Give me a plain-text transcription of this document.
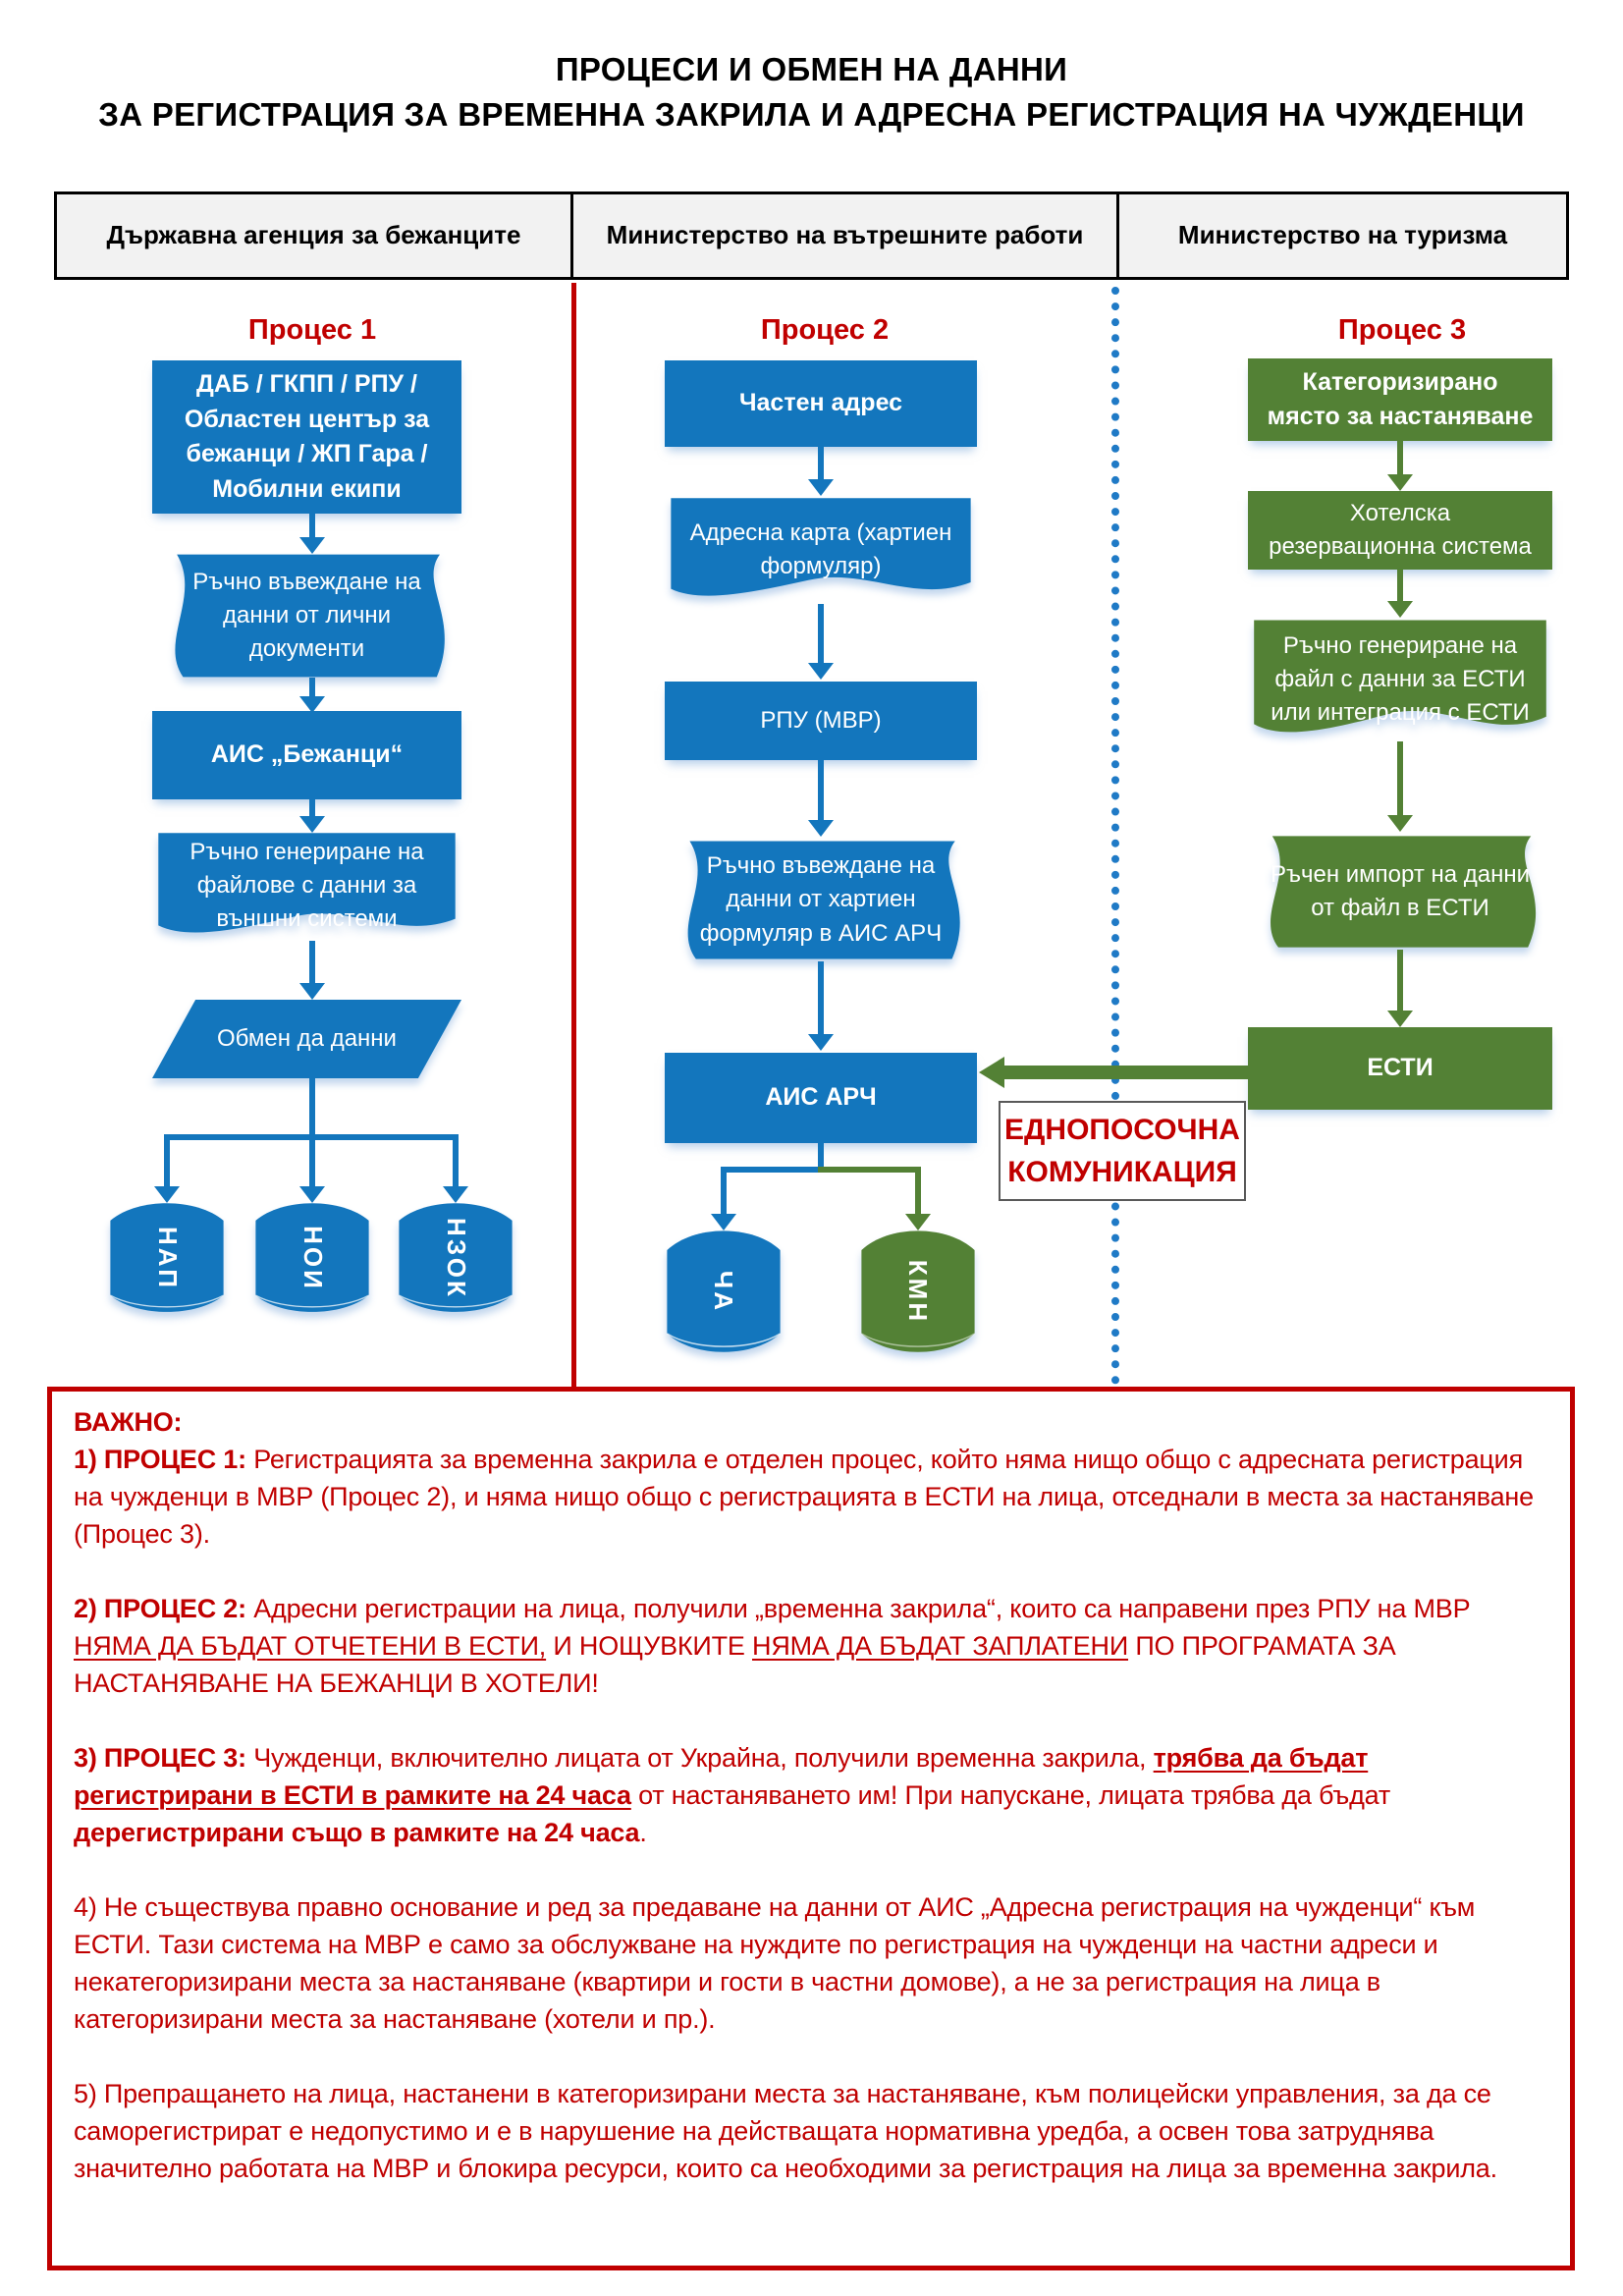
ПРОЦЕСИ И ОБМЕН НА ДАННИ
ЗА РЕГИСТРАЦИЯ ЗА ВРЕМЕННА ЗАКРИЛА И АДРЕСНА РЕГИСТРАЦИЯ НА ЧУЖДЕНЦИ
Държавна агенция за бежанците	Министерство на вътрешните работи	Министерство на туризма
Процес 1	Процес 2	Процес 3
ДАБ / ГКПП / РПУ / Областен център за бежанци / ЖП Гара / Мобилни екипи
Ръчно въвеждане на данни от лични документи
АИС „Бежанци“
Ръчно генериране на файлове с данни за външни системи
Обмен да данни
НАП	НОИ	НЗОК
Частен адрес
Адресна карта (хартиен формуляр)
РПУ (МВР)
Ръчно въвеждане на данни от хартиен формуляр в АИС АРЧ
АИС АРЧ
ЧА	КМН
Категоризирано място за настаняване
Хотелска резервационна система
Ръчно генериране на файл с данни за ЕСТИ или интеграция с ЕСТИ
Ръчен импорт на данни от файл в ЕСТИ
ЕСТИ
ЕДНОПОСОЧНА
КОМУНИКАЦИЯ
ВАЖНО:

1) ПРОЦЕС 1: Регистрацията за временна закрила е отделен процес, който няма нищо общо с адресната регистрация на чужденци в МВР (Процес 2), и няма нищо общо с регистрацията в ЕСТИ на лица, отседнали в места за настаняване (Процес 3).

2) ПРОЦЕС 2: Адресни регистрации на лица, получили „временна закрила“, които са направени през РПУ на МВР НЯМА ДА БЪДАТ ОТЧЕТЕНИ В ЕСТИ, И НОЩУВКИТЕ НЯМА ДА БЪДАТ ЗАПЛАТЕНИ ПО ПРОГРАМАТА ЗА НАСТАНЯВАНЕ НА БЕЖАНЦИ В ХОТЕЛИ!

3) ПРОЦЕС 3: Чужденци, включително лицата от Украйна, получили временна закрила, трябва да бъдат регистрирани в ЕСТИ в рамките на 24 часа от настаняването им! При напускане, лицата трябва да бъдат дерегистрирани също в рамките на 24 часа.

4) Не съществува правно основание и ред за предаване на данни от АИС „Адресна регистрация на чужденци“ към ЕСТИ. Тази система на МВР е само за обслужване на нуждите по регистрация на чужденци на частни адреси и некатегоризирани места за настаняване (квартири и гости в частни домове), а не за регистрация на лица в категоризирани места за настаняване (хотели и пр.).

5) Препращането на лица, настанени в категоризирани места за настаняване, към полицейски управления, за да се саморегистрират е недопустимо и е в нарушение на действащата нормативна уредба, а освен това затруднява значително работата на МВР и блокира ресурси, които са необходими за регистрация на лица за временна закрила.
